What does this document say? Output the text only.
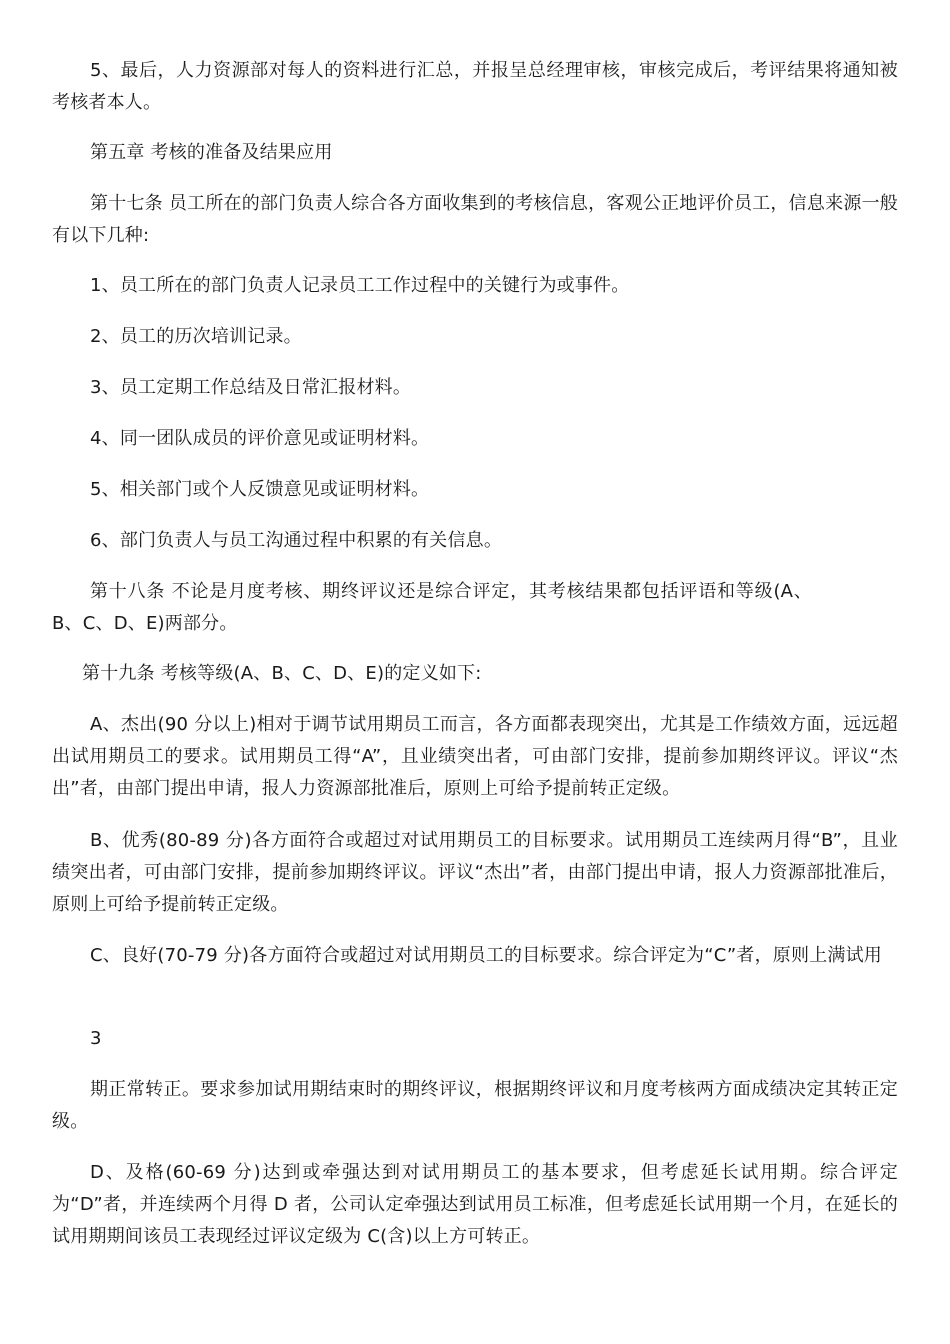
5、最后，人力资源部对每人的资料进行汇总，并报呈总经理审核，审核完成后，考评结果将通知被考核者本人。

第五章 考核的准备及结果应用

第十七条 员工所在的部门负责人综合各方面收集到的考核信息，客观公正地评价员工，信息来源一般有以下几种:

1、员工所在的部门负责人记录员工工作过程中的关键行为或事件。

2、员工的历次培训记录。

3、员工定期工作总结及日常汇报材料。

4、同一团队成员的评价意见或证明材料。

5、相关部门或个人反馈意见或证明材料。

6、部门负责人与员工沟通过程中积累的有关信息。

第十八条 不论是月度考核、期终评议还是综合评定，其考核结果都包括评语和等级(A、B、C、D、E)两部分。

第十九条 考核等级(A、B、C、D、E)的定义如下:

A、杰出(90 分以上)相对于调节试用期员工而言，各方面都表现突出，尤其是工作绩效方面，远远超出试用期员工的要求。试用期员工得“A”，且业绩突出者，可由部门安排，提前参加期终评议。评议“杰出”者，由部门提出申请，报人力资源部批准后，原则上可给予提前转正定级。

B、优秀(80-89 分)各方面符合或超过对试用期员工的目标要求。试用期员工连续两月得“B”，且业绩突出者，可由部门安排，提前参加期终评议。评议“杰出”者，由部门提出申请，报人力资源部批准后，原则上可给予提前转正定级。

C、良好(70-79 分)各方面符合或超过对试用期员工的目标要求。综合评定为“C”者，原则上满试用

3

期正常转正。要求参加试用期结束时的期终评议，根据期终评议和月度考核两方面成绩决定其转正定级。

D、及格(60-69 分)达到或牵强达到对试用期员工的基本要求，但考虑延长试用期。综合评定为“D”者，并连续两个月得 D 者，公司认定牵强达到试用员工标准，但考虑延长试用期一个月，在延长的试用期期间该员工表现经过评议定级为 C(含)以上方可转正。
